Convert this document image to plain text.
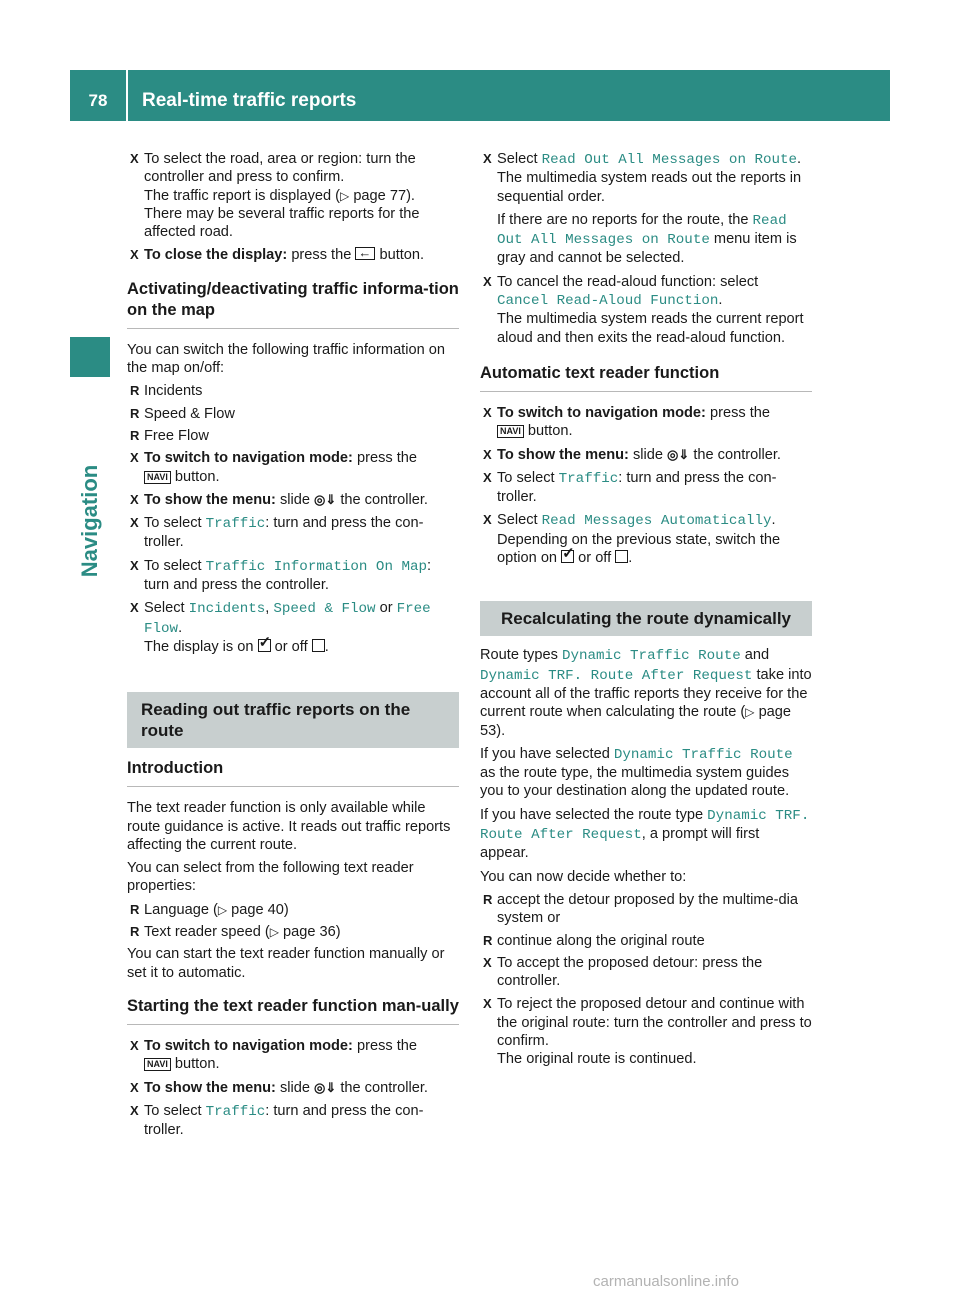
78	Real-time traffic reports
Navigation
X To select the road, area or region: turn the controller and press to confirm.
The traffic report is displayed (▷ page 77).
There may be several traffic reports for the affected road.
X To close the display: press the ← button.
Activating/deactivating traffic informa-tion on the map
You can switch the following traffic information on the map on/off:
R Incidents
R Speed & Flow
R Free Flow
X To switch to navigation mode: press the
NAVI button.
X To show the menu: slide ◎⇓ the controller.
X To select Traffic: turn and press the con-troller.
X To select Traffic Information On Map: turn and press the controller.
X Select Incidents, Speed & Flow or Free Flow.
The display is on ✓ or off .
Reading out traffic reports on the route
Introduction
The text reader function is only available while route guidance is active. It reads out traffic reports affecting the current route.
You can select from the following text reader properties:
R Language (▷ page 40)
R Text reader speed (▷ page 36)
You can start the text reader function manually or set it to automatic.
Starting the text reader function man-ually
X To switch to navigation mode: press the
NAVI button.
X To show the menu: slide ◎⇓ the controller.
X To select Traffic: turn and press the con-troller.
X Select Read Out All Messages on Route.
The multimedia system reads out the reports in sequential order.
If there are no reports for the route, the Read Out All Messages on Route menu item is gray and cannot be selected.
X To cancel the read-aloud function: select Cancel Read-Aloud Function.
The multimedia system reads the current report aloud and then exits the read-aloud function.
Automatic text reader function
X To switch to navigation mode: press the
NAVI button.
X To show the menu: slide ◎⇓ the controller.
X To select Traffic: turn and press the con-troller.
X Select Read Messages Automatically.
Depending on the previous state, switch the option on ✓ or off .
Recalculating the route dynamically
Route types Dynamic Traffic Route and Dynamic TRF. Route After Request take into account all of the traffic reports they receive for the current route when calculating the route (▷ page 53).
If you have selected Dynamic Traffic Route as the route type, the multimedia system guides you to your destination along the updated route.
If you have selected the route type Dynamic TRF. Route After Request, a prompt will first appear.
You can now decide whether to:
R accept the detour proposed by the multime-dia system or
R continue along the original route
X To accept the proposed detour: press the controller.
X To reject the proposed detour and continue with the original route: turn the controller and press to confirm.
The original route is continued.
carmanualsonline.info
